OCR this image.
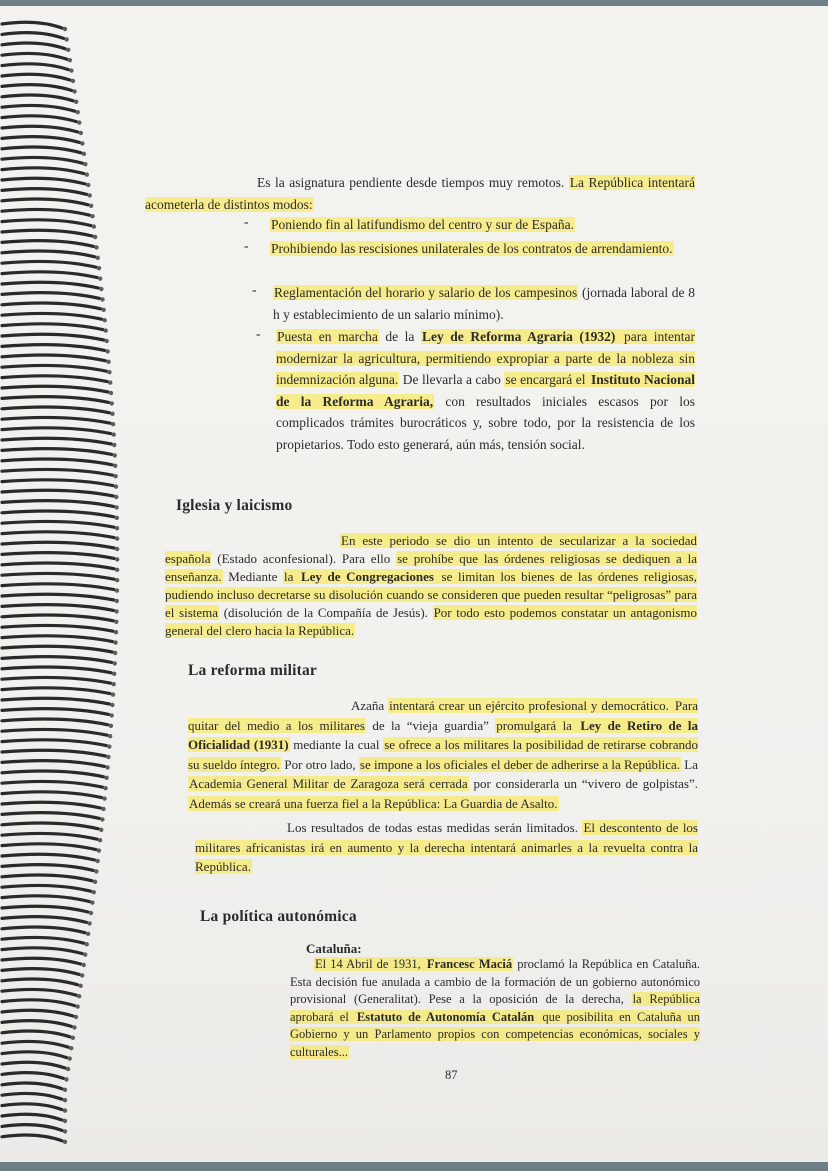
Es la asignatura pendiente desde tiempos muy remotos. La República intentará acometerla de distintos modos:
- Poniendo fin al latifundismo del centro y sur de España.
- Prohibiendo las rescisiones unilaterales de los contratos de arrendamiento.
- Reglamentación del horario y salario de los campesinos (jornada laboral de 8 h y establecimiento de un salario mínimo).
- Puesta en marcha de la Ley de Reforma Agraria (1932) para intentar modernizar la agricultura, permitiendo expropiar a parte de la nobleza sin indemnización alguna. De llevarla a cabo se encargará el Instituto Nacional de la Reforma Agraria, con resultados iniciales escasos por los complicados trámites burocráticos y, sobre todo, por la resistencia de los propietarios. Todo esto generará, aún más, tensión social.
Iglesia y laicismo
En este periodo se dio un intento de secularizar a la sociedad española (Estado aconfesional). Para ello se prohíbe que las órdenes religiosas se dediquen a la enseñanza. Mediante la Ley de Congregaciones se limitan los bienes de las órdenes religiosas, pudiendo incluso decretarse su disolución cuando se consideren que pueden resultar “peligrosas” para el sistema (disolución de la Compañía de Jesús). Por todo esto podemos constatar un antagonismo general del clero hacia la República.
La reforma militar
Azaña intentará crear un ejército profesional y democrático. Para quitar del medio a los militares de la “vieja guardia” promulgará la Ley de Retiro de la Oficialidad (1931) mediante la cual se ofrece a los militares la posibilidad de retirarse cobrando su sueldo íntegro. Por otro lado, se impone a los oficiales el deber de adherirse a la República. La Academia General Militar de Zaragoza será cerrada por considerarla un “vivero de golpistas”. Además se creará una fuerza fiel a la República: La Guardia de Asalto.
Los resultados de todas estas medidas serán limitados. El descontento de los militares africanistas irá en aumento y la derecha intentará animarles a la revuelta contra la República.
La política autonómica
Cataluña:
El 14 Abril de 1931, Francesc Maciá proclamó la República en Cataluña. Esta decisión fue anulada a cambio de la formación de un gobierno autonómico provisional (Generalitat). Pese a la oposición de la derecha, la República aprobará el Estatuto de Autonomía Catalán que posibilita en Cataluña un Gobierno y un Parlamento propios con competencias económicas, sociales y culturales...
87
